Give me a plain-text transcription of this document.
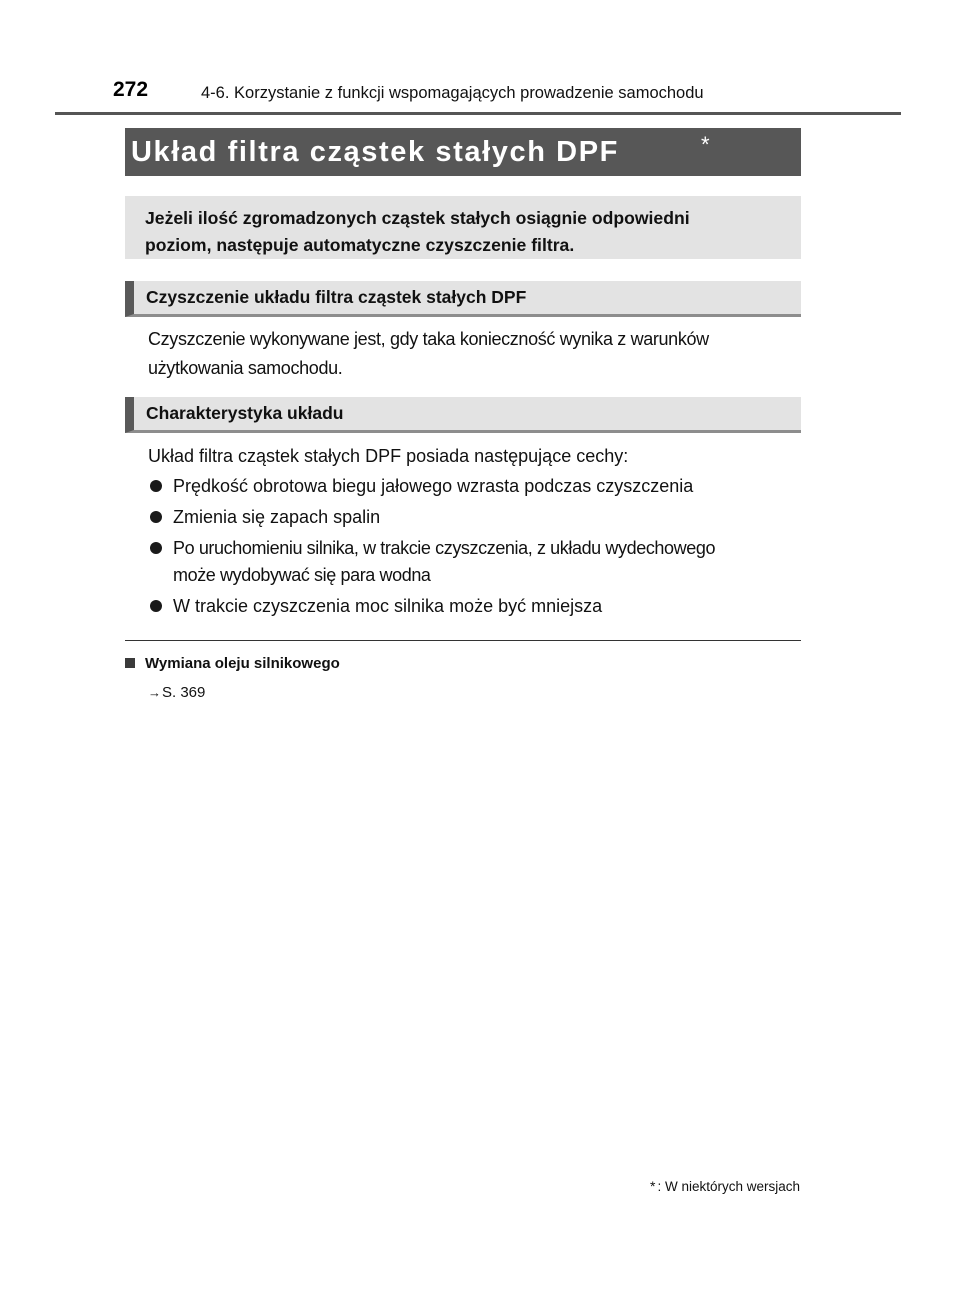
272	4-6. Korzystanie z funkcji wspomagających prowadzenie samochodu
Układ filtra cząstek stałych DPF	*
Jeżeli ilość zgromadzonych cząstek stałych osiągnie odpowiedni
poziom, następuje automatyczne czyszczenie filtra.
Czyszczenie układu filtra cząstek stałych DPF
Czyszczenie wykonywane jest, gdy taka konieczność wynika z warunków
użytkowania samochodu.
Charakterystyka układu
Układ filtra cząstek stałych DPF posiada następujące cechy:
Prędkość obrotowa biegu jałowego wzrasta podczas czyszczenia
Zmienia się zapach spalin
Po uruchomieniu silnika, w trakcie czyszczenia, z układu wydechowego
może wydobywać się para wodna
W trakcie czyszczenia moc silnika może być mniejsza
Wymiana oleju silnikowego
→S. 369
* : W niektórych wersjach
